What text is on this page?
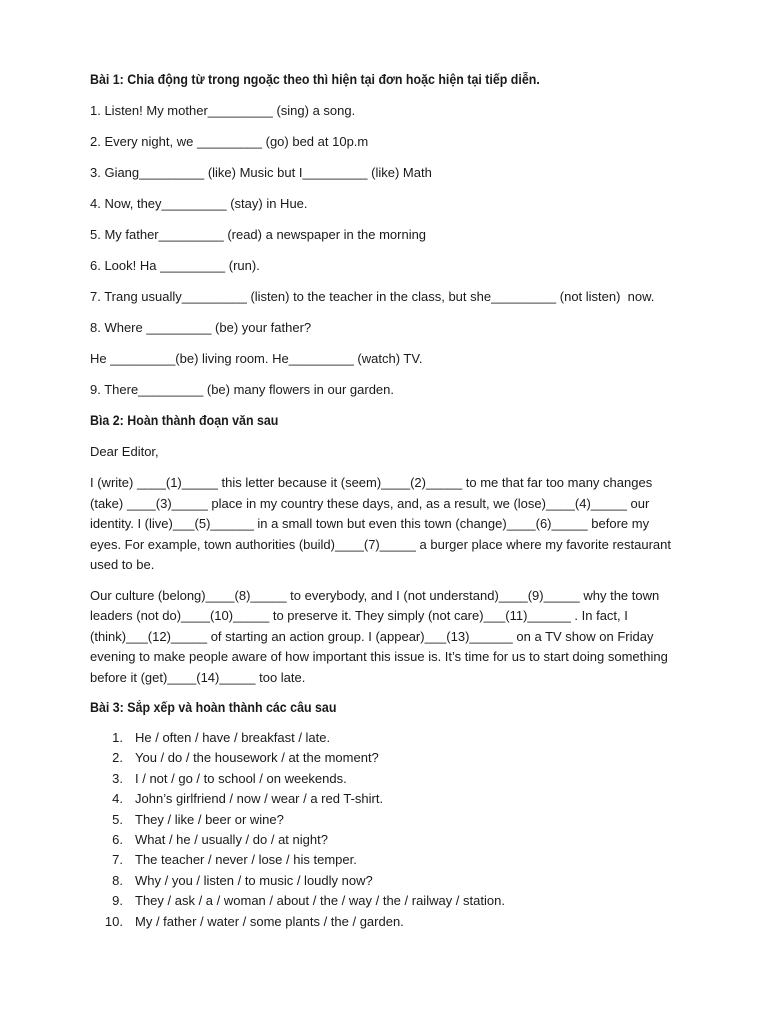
Bài 1: Chia động từ trong ngoặc theo thì hiện tại đơn hoặc hiện tại tiếp diễn.

1. Listen! My mother_________ (sing) a song.

2. Every night, we _________ (go) bed at 10p.m

3. Giang_________ (like) Music but I_________ (like) Math

4. Now, they_________ (stay) in Hue.

5. My father_________ (read) a newspaper in the morning

6. Look! Ha _________ (run).

7. Trang usually_________ (listen) to the teacher in the class, but she_________ (not listen)  now.

8. Where _________ (be) your father?

He _________(be) living room. He_________ (watch) TV.

9. There_________ (be) many flowers in our garden.

Bìa 2: Hoàn thành đoạn văn sau

Dear Editor,

I (write) ____(1)_____ this letter because it (seem)____(2)_____ to me that far too many changes
(take) ____(3)_____ place in my country these days, and, as a result, we (lose)____(4)_____ our
identity. I (live)___(5)______ in a small town but even this town (change)____(6)_____ before my
eyes. For example, town authorities (build)____(7)_____ a burger place where my favorite restaurant
used to be.

Our culture (belong)____(8)_____ to everybody, and I (not understand)____(9)_____ why the town
leaders (not do)____(10)_____ to preserve it. They simply (not care)___(11)______ . In fact, I
(think)___(12)_____ of starting an action group. I (appear)___(13)______ on a TV show on Friday
evening to make people aware of how important this issue is. It’s time for us to start doing something
before it (get)____(14)_____ too late.

Bài 3: Sắp xếp và hoàn thành các câu sau

1. He / often / have / breakfast / late.
2. You / do / the housework / at the moment?
3. I / not / go / to school / on weekends.
4. John’s girlfriend / now / wear / a red T-shirt.
5. They / like / beer or wine?
6. What / he / usually / do / at night?
7. The teacher / never / lose / his temper.
8. Why / you / listen / to music / loudly now?
9. They / ask / a / woman / about / the / way / the / railway / station.
10. My / father / water / some plants / the / garden.
